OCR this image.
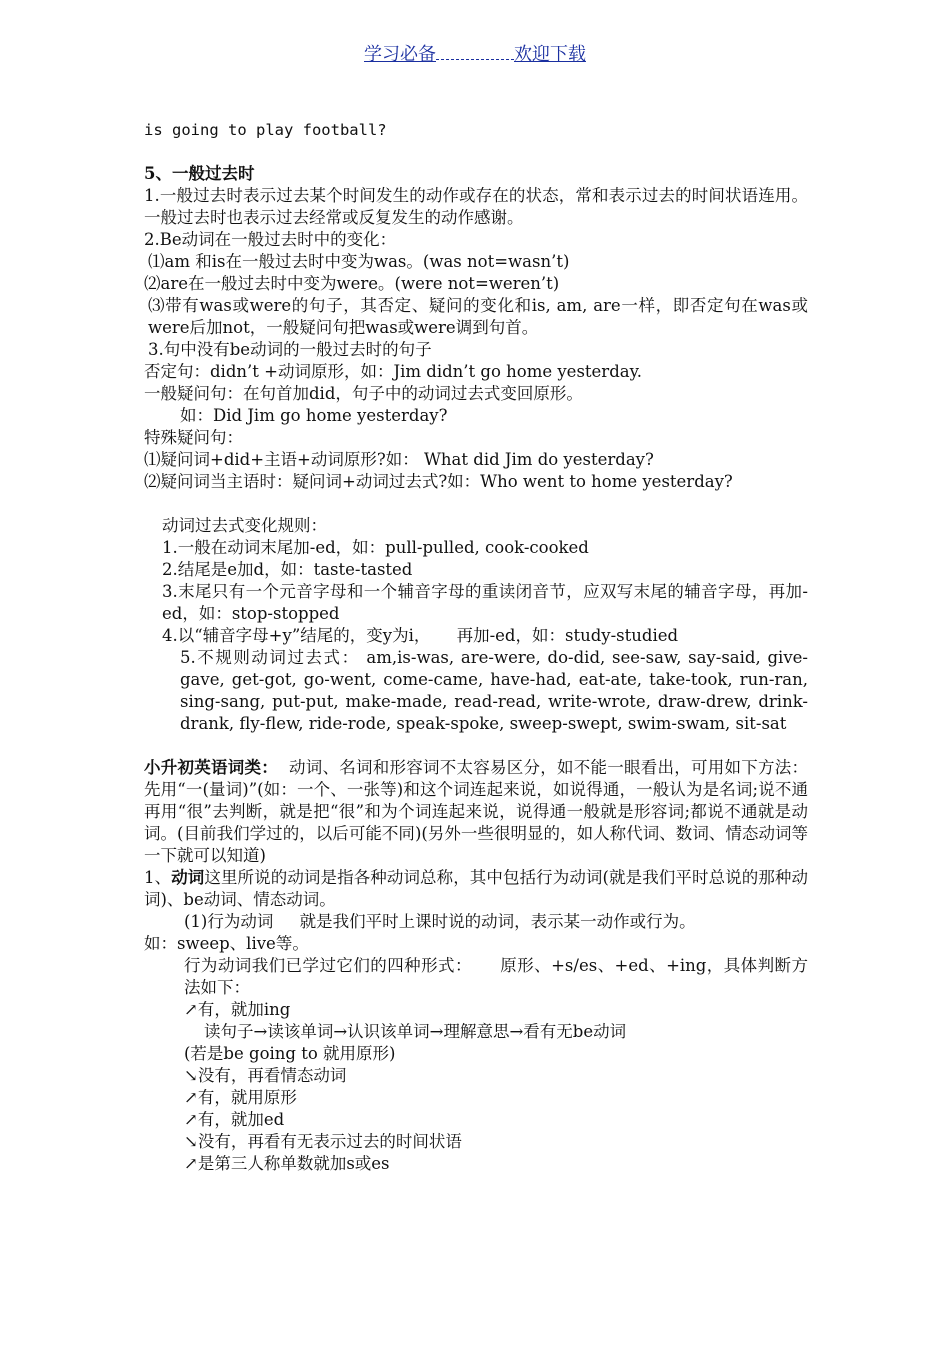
学习必备	欢迎下载

is going to play football?

5、一般过去时

1.一般过去时表示过去某个时间发生的动作或存在的状态，常和表示过去的时间状语连用。一般过去时也表示过去经常或反复发生的动作感谢。

2.Be动词在一般过去时中的变化：

⑴am 和is在一般过去时中变为was。(was not=wasn’t)

⑵are在一般过去时中变为were。(were not=weren’t)

⑶带有was或were的句子，其否定、疑问的变化和is, am, are一样，即否定句在was或were后加not，一般疑问句把was或were调到句首。

3.句中没有be动词的一般过去时的句子

否定句：didn’t +动词原形，如：Jim didn’t go home yesterday.

一般疑问句：在句首加did，句子中的动词过去式变回原形。

如：Did Jim go home yesterday?

特殊疑问句：

⑴疑问词+did+主语+动词原形?如： What did Jim do yesterday?

⑵疑问词当主语时：疑问词+动词过去式?如：Who went to home yesterday?

动词过去式变化规则：

1.一般在动词末尾加-ed，如：pull-pulled, cook-cooked

2.结尾是e加d，如：taste-tasted

3.末尾只有一个元音字母和一个辅音字母的重读闭音节，应双写末尾的辅音字母，再加-ed，如：stop-stopped

4.以“辅音字母+y”结尾的，变y为i，     再加-ed，如：study-studied

5.不规则动词过去式： am,is-was, are-were, do-did, see-saw, say-said, give-gave, get-got, go-went, come-came, have-had, eat-ate, take-took, run-ran, sing-sang, put-put, make-made, read-read, write-wrote, draw-drew, drink-drank, fly-flew, ride-rode, speak-spoke, sweep-swept, swim-swam, sit-sat

小升初英语词类：  动词、名词和形容词不太容易区分，如不能一眼看出，可用如下方法：     先用“一(量词)”(如：一个、一张等)和这个词连起来说，如说得通，一般认为是名词;说不通再用“很”去判断，就是把“很”和为个词连起来说，说得通一般就是形容词;都说不通就是动词。(目前我们学过的，以后可能不同)(另外一些很明显的，如人称代词、数词、情态动词等一下就可以知道)

1、动词这里所说的动词是指各种动词总称，其中包括行为动词(就是我们平时总说的那种动词)、be动词、情态动词。

(1)行为动词     就是我们平时上课时说的动词，表示某一动作或行为。

如：sweep、live等。

行为动词我们已学过它们的四种形式：     原形、+s/es、+ed、+ing，具体判断方法如下：

↗有，就加ing

读句子→读该单词→认识该单词→理解意思→看有无be动词

(若是be going to 就用原形)

↘没有，再看情态动词

↗有，就用原形

↗有，就加ed

↘没有，再看有无表示过去的时间状语

↗是第三人称单数就加s或es
